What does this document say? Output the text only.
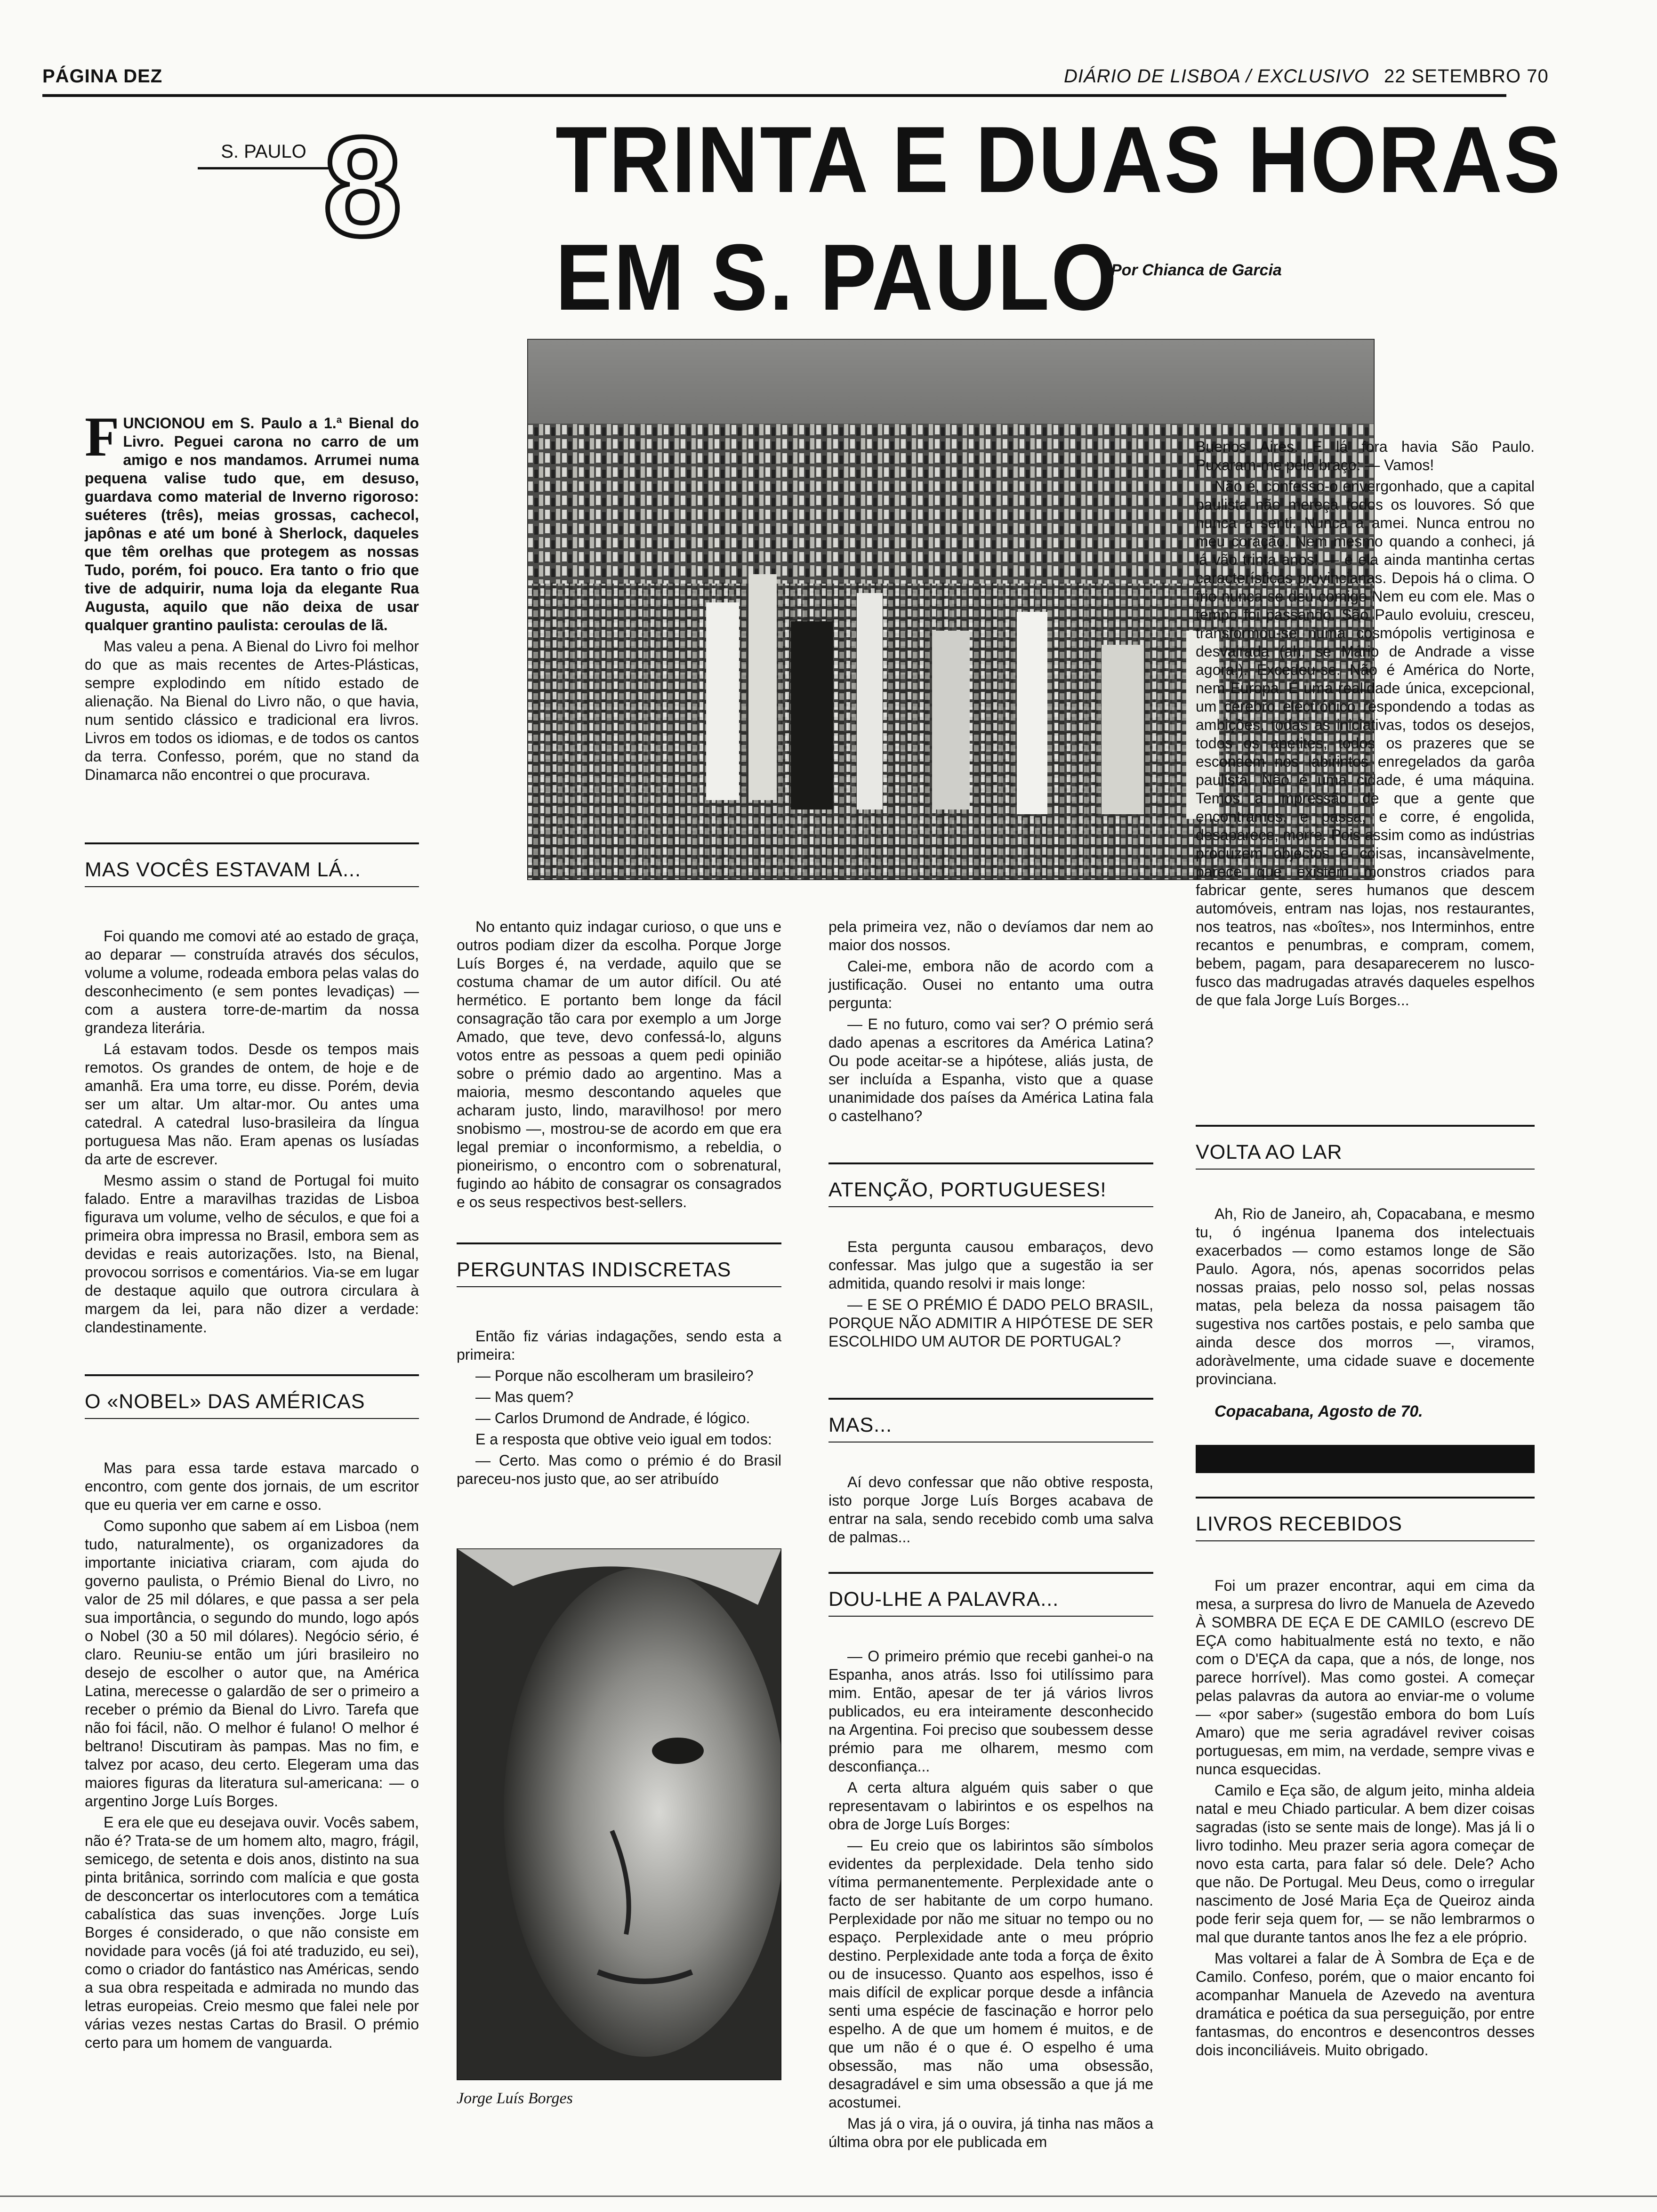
PÁGINA DEZ	DIÁRIO DE LISBOA / EXCLUSIVO 22 SETEMBRO 70
S. PAULO 8 TRINTA E DUAS HORAS
EM S. PAULO
Por Chianca de Garcia

FUNCIONOU em S. Paulo a 1.ª Bienal do Livro. Peguei carona no carro de um amigo e nos mandamos. Arrumei numa pequena valise tudo que, em desuso, guardava como material de Inverno rigoroso: suéteres (três), meias grossas, cachecol, japônas e até um boné à Sherlock, daqueles que têm orelhas que protegem as nossas Tudo, porém, foi pouco. Era tanto o frio que tive de adquirir, numa loja da elegante Rua Augusta, aquilo que não deixa de usar qualquer grantino paulista: ceroulas de lã.

Mas valeu a pena. A Bienal do Livro foi melhor do que as mais recentes de Artes-Plásticas, sempre explodindo em nítido estado de alienação. Na Bienal do Livro não, o que havia, num sentido clássico e tradicional era livros. Livros em todos os idiomas, e de todos os cantos da terra. Confesso, porém, que no stand da Dinamarca não encontrei o que procurava.

MAS VOCÊS ESTAVAM LÁ...

Foi quando me comovi até ao estado de graça, ao deparar — construída através dos séculos, volume a volume, rodeada embora pelas valas do desconhecimento (e sem pontes levadiças) — com a austera torre-de-martim da nossa grandeza literária.

Lá estavam todos. Desde os tempos mais remotos. Os grandes de ontem, de hoje e de amanhã. Era uma torre, eu disse. Porém, devia ser um altar. Um altar-mor. Ou antes uma catedral. A catedral luso-brasileira da língua portuguesa Mas não. Eram apenas os lusíadas da arte de escrever.

Mesmo assim o stand de Portugal foi muito falado. Entre a maravilhas trazidas de Lisboa figurava um volume, velho de séculos, e que foi a primeira obra impressa no Brasil, embora sem as devidas e reais autorizações. Isto, na Bienal, provocou sorrisos e comentários. Via-se em lugar de destaque aquilo que outrora circulara à margem da lei, para não dizer a verdade: clandestinamente.

O «NOBEL» DAS AMÉRICAS

Mas para essa tarde estava marcado o encontro, com gente dos jornais, de um escritor que eu queria ver em carne e osso.

Como suponho que sabem aí em Lisboa (nem tudo, naturalmente), os organizadores da importante iniciativa criaram, com ajuda do governo paulista, o Prémio Bienal do Livro, no valor de 25 mil dólares, e que passa a ser pela sua importância, o segundo do mundo, logo após o Nobel (30 a 50 mil dólares). Negócio sério, é claro. Reuniu-se então um júri brasileiro no desejo de escolher o autor que, na América Latina, merecesse o galardão de ser o primeiro a receber o prémio da Bienal do Livro. Tarefa que não foi fácil, não. O melhor é fulano! O melhor é beltrano! Discutiram às pampas. Mas no fim, e talvez por acaso, deu certo. Elegeram uma das maiores figuras da literatura sul-americana: — o argentino Jorge Luís Borges.

E era ele que eu desejava ouvir. Vocês sabem, não é? Trata-se de um homem alto, magro, frágil, semicego, de setenta e dois anos, distinto na sua pinta britânica, sorrindo com malícia e que gosta de desconcertar os interlocutores com a temática cabalística das suas invenções. Jorge Luís Borges é considerado, o que não consiste em novidade para vocês (já foi até traduzido, eu sei), como o criador do fantástico nas Américas, sendo a sua obra respeitada e admirada no mundo das letras europeias. Creio mesmo que falei nele por várias vezes nestas Cartas do Brasil. O prémio certo para um homem de vanguarda.

No entanto quiz indagar curioso, o que uns e outros podiam dizer da escolha. Porque Jorge Luís Borges é, na verdade, aquilo que se costuma chamar de um autor difícil. Ou até hermético. E portanto bem longe da fácil consagração tão cara por exemplo a um Jorge Amado, que teve, devo confessá-lo, alguns votos entre as pessoas a quem pedi opinião sobre o prémio dado ao argentino. Mas a maioria, mesmo descontando aqueles que acharam justo, lindo, maravilhoso! por mero snobismo —, mostrou-se de acordo em que era legal premiar o inconformismo, a rebeldia, o pioneirismo, o encontro com o sobrenatural, fugindo ao hábito de consagrar os consagrados e os seus respectivos best-sellers.

PERGUNTAS INDISCRETAS

Então fiz várias indagações, sendo esta a primeira:

— Porque não escolheram um brasileiro?

— Mas quem?

— Carlos Drumond de Andrade, é lógico.

E a resposta que obtive veio igual em todos:

— Certo. Mas como o prémio é do Brasil pareceu-nos justo que, ao ser atribuído

Jorge Luís Borges

pela primeira vez, não o devíamos dar nem ao maior dos nossos.

Calei-me, embora não de acordo com a justificação. Ousei no entanto uma outra pergunta:

— E no futuro, como vai ser? O prémio será dado apenas a escritores da América Latina? Ou pode aceitar-se a hipótese, aliás justa, de ser incluída a Espanha, visto que a quase unanimidade dos países da América Latina fala o castelhano?

ATENÇÃO, PORTUGUESES!

Esta pergunta causou embaraços, devo confessar. Mas julgo que a sugestão ia ser admitida, quando resolvi ir mais longe:

— E SE O PRÉMIO É DADO PELO BRASIL, PORQUE NÃO ADMITIR A HIPÓTESE DE SER ESCOLHIDO UM AUTOR DE PORTUGAL?

MAS...

Aí devo confessar que não obtive resposta, isto porque Jorge Luís Borges acabava de entrar na sala, sendo recebido comb uma salva de palmas...

DOU-LHE A PALAVRA...

— O primeiro prémio que recebi ganhei-o na Espanha, anos atrás. Isso foi utilíssimo para mim. Então, apesar de ter já vários livros publicados, eu era inteiramente desconhecido na Argentina. Foi preciso que soubessem desse prémio para me olharem, mesmo com desconfiança...

A certa altura alguém quis saber o que representavam o labirintos e os espelhos na obra de Jorge Luís Borges:

— Eu creio que os labirintos são símbolos evidentes da perplexidade. Dela tenho sido vítima permanentemente. Perplexidade ante o facto de ser habitante de um corpo humano. Perplexidade por não me situar no tempo ou no espaço. Perplexidade ante o meu próprio destino. Perplexidade ante toda a força de êxito ou de insucesso. Quanto aos espelhos, isso é mais difícil de explicar porque desde a infância senti uma espécie de fascinação e horror pelo espelho. A de que um homem é muitos, e de que um não é o que é. O espelho é uma obsessão, mas não uma obsessão, desagradável e sim uma obsessão a que já me acostumei.

Mas já o vira, já o ouvira, já tinha nas mãos a última obra por ele publicada em

Buenos Aires. E lá fora havia São Paulo. Puxaram-me pelo braço: — Vamos!

Não é, confesso-o envergonhado, que a capital paulista não mereça todos os louvores. Só que nunca a senti. Nunca a amei. Nunca entrou no meu coração. Nem mesmo quando a conheci, já lá vão trinta anos! — e ela ainda mantinha certas características provincianas. Depois há o clima. O frio nunca se deu comigo Nem eu com ele. Mas o tempo foi passando. São Paulo evoluiu, cresceu, transformou-se numa cosmópolis vertiginosa e desvairada (ah, se Mário de Andrade a visse agora!). Excedeu-se. Não é América do Norte, nem Europa. É uma realidade única, excepcional, um cérebro electrónico respondendo a todas as ambições, todas as iniciativas, todos os desejos, todos os apetites, todos os prazeres que se escondem nos labirintos enregelados da garôa paulista. Não é uma cidade, é uma máquina. Temos a impressão de que a gente que encontramos, e passa, e corre, é engolida, desaparece, morre. Pois assim como as indústrias produzem objectos e coisas, incansàvelmente, parece que existem monstros criados para fabricar gente, seres humanos que descem automóveis, entram nas lojas, nos restaurantes, nos teatros, nas «boîtes», nos Interminhos, entre recantos e penumbras, e compram, comem, bebem, pagam, para desaparecerem no lusco-fusco das madrugadas através daqueles espelhos de que fala Jorge Luís Borges...

VOLTA AO LAR

Ah, Rio de Janeiro, ah, Copacabana, e mesmo tu, ó ingénua Ipanema dos intelectuais exacerbados — como estamos longe de São Paulo. Agora, nós, apenas socorridos pelas nossas praias, pelo nosso sol, pelas nossas matas, pela beleza da nossa paisagem tão sugestiva nos cartões postais, e pelo samba que ainda desce dos morros —, viramos, adoràvelmente, uma cidade suave e docemente provinciana.

Copacabana, Agosto de 70.
LIVROS RECEBIDOS

Foi um prazer encontrar, aqui em cima da mesa, a surpresa do livro de Manuela de Azevedo À SOMBRA DE EÇA E DE CAMILO (escrevo DE EÇA como habitualmente está no texto, e não com o D'EÇA da capa, que a nós, de longe, nos parece horrível). Mas como gostei. A começar pelas palavras da autora ao enviar-me o volume — «por saber» (sugestão embora do bom Luís Amaro) que me seria agradável reviver coisas portuguesas, em mim, na verdade, sempre vivas e nunca esquecidas.

Camilo e Eça são, de algum jeito, minha aldeia natal e meu Chiado particular. A bem dizer coisas sagradas (isto se sente mais de longe). Mas já li o livro todinho. Meu prazer seria agora começar de novo esta carta, para falar só dele. Dele? Acho que não. De Portugal. Meu Deus, como o irregular nascimento de José Maria Eça de Queiroz ainda pode ferir seja quem for, — se não lembrarmos o mal que durante tantos anos lhe fez a ele próprio.

Mas voltarei a falar de À Sombra de Eça e de Camilo. Confeso, porém, que o maior encanto foi acompanhar Manuela de Azevedo na aventura dramática e poética da sua perseguição, por entre fantasmas, do encontros e desencontros desses dois inconciliáveis. Muito obrigado.
